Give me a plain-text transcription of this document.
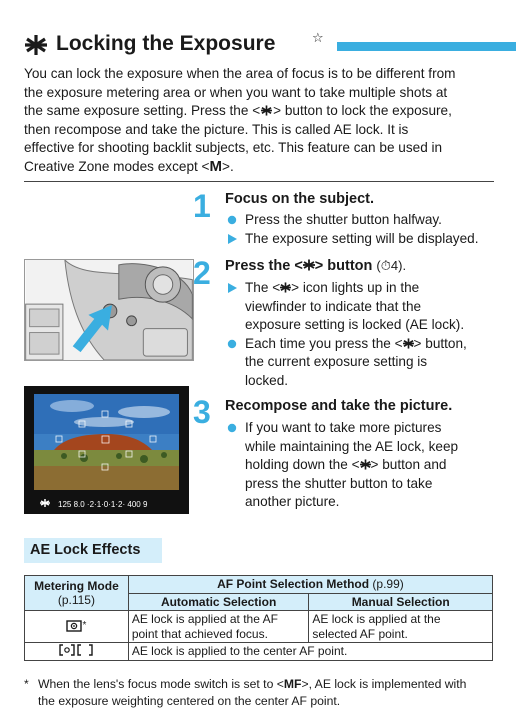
Locking the Exposure	☆

You can lock the exposure when the area of focus is to be different from

the exposure metering area or when you want to take multiple shots at

the same exposure setting. Press the < > button to lock the exposure,

then recompose and take the picture. This is called AE lock. It is

effective for shooting backlit subjects, etc. This feature can be used in

Creative Zone modes except <M>.

1 Focus on the subject.
Press the shutter button halfway.
The exposure setting will be displayed.
2 Press the < > button (⏱4).
The < > icon lights up in the
viewfinder to indicate that the
exposure setting is locked (AE lock).
Each time you press the < > button,
the current exposure setting is
locked.
125 8.0 ·2·1·0·1·2· 400 9
3 Recompose and take the picture.
If you want to take more pictures
while maintaining the AE lock, keep
holding down the < > button and
press the shutter button to take
another picture.
AE Lock Effects
Metering Mode
(p.115)	AF Point Selection Method (p.99)	
	Automatic Selection	Manual Selection
*	AE lock is applied at the AF
point that achieved focus.	AE lock is applied at the
selected AF point.
	AE lock is applied to the center AF point.	
* When the lens's focus mode switch is set to <MF>, AE lock is implemented with
the exposure weighting centered on the center AF point.
